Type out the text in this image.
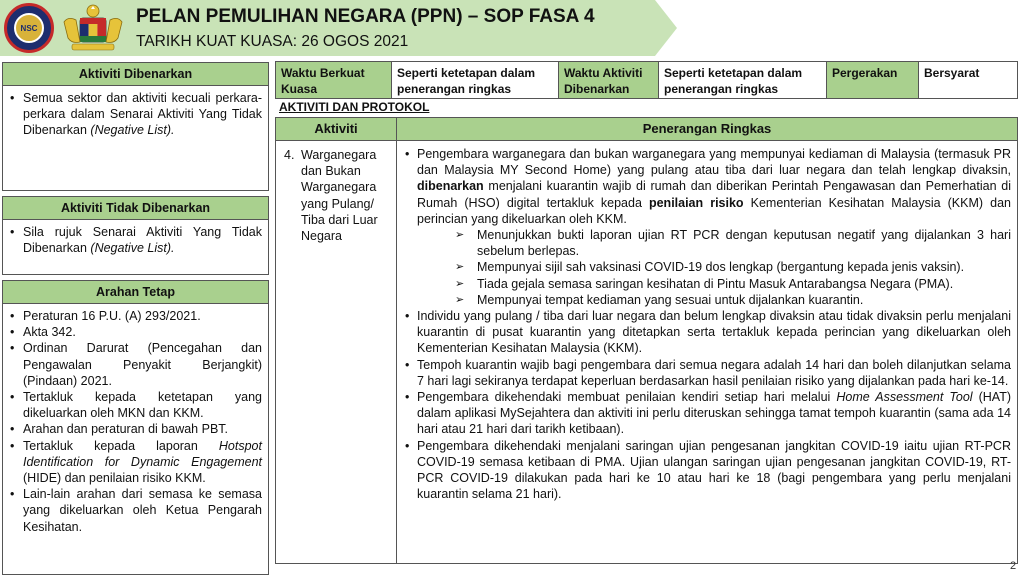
NSC
PELAN PEMULIHAN NEGARA (PPN) – SOP FASA 4
TARIKH KUAT KUASA: 26 OGOS 2021
Aktiviti Dibenarkan
• Semua sektor dan aktiviti kecuali perkara-perkara dalam Senarai Aktiviti Yang Tidak Dibenarkan (Negative List).
Aktiviti Tidak Dibenarkan
• Sila rujuk Senarai Aktiviti Yang Tidak Dibenarkan (Negative List).
Arahan Tetap
• Peraturan 16 P.U. (A) 293/2021.
• Akta 342.
• Ordinan Darurat (Pencegahan dan Pengawalan Penyakit Berjangkit) (Pindaan) 2021.
• Tertakluk kepada ketetapan yang dikeluarkan oleh MKN dan KKM.
• Arahan dan peraturan di bawah PBT.
• Tertakluk kepada laporan Hotspot Identification for Dynamic Engagement (HIDE) dan penilaian risiko KKM.
• Lain-lain arahan dari semasa ke semasa yang dikeluarkan oleh Ketua Pengarah Kesihatan.
Waktu Berkuat Kuasa
Seperti ketetapan dalam penerangan ringkas
Waktu Aktiviti Dibenarkan
Seperti ketetapan dalam penerangan ringkas
Pergerakan	Bersyarat
AKTIVITI DAN PROTOKOL
Aktiviti	Penerangan Ringkas
4. Warganegara dan Bukan Warganegara yang Pulang/ Tiba dari Luar Negara
• Pengembara warganegara dan bukan warganegara yang mempunyai kediaman di Malaysia (termasuk PR dan Malaysia MY Second Home) yang pulang atau tiba dari luar negara dan telah lengkap divaksin, dibenarkan menjalani kuarantin wajib di rumah dan diberikan Perintah Pengawasan dan Pemerhatian di Rumah (HSO) digital tertakluk kepada penilaian risiko Kementerian Kesihatan Malaysia (KKM) dan perincian yang dikeluarkan oleh KKM.
➢ Menunjukkan bukti laporan ujian RT PCR dengan keputusan negatif yang dijalankan 3 hari sebelum berlepas.
➢ Mempunyai sijil sah vaksinasi COVID-19 dos lengkap (bergantung kepada jenis vaksin).
➢ Tiada gejala semasa saringan kesihatan di Pintu Masuk Antarabangsa Negara (PMA).
➢ Mempunyai tempat kediaman yang sesuai untuk dijalankan kuarantin.
• Individu yang pulang / tiba dari luar negara dan belum lengkap divaksin atau tidak divaksin perlu menjalani kuarantin di pusat kuarantin yang ditetapkan serta tertakluk kepada perincian yang dikeluarkan oleh Kementerian Kesihatan Malaysia (KKM).
• Tempoh kuarantin wajib bagi pengembara dari semua negara adalah 14 hari dan boleh dilanjutkan selama 7 hari lagi sekiranya terdapat keperluan berdasarkan hasil penilaian risiko yang dijalankan pada hari ke-14.
• Pengembara dikehendaki membuat penilaian kendiri setiap hari melalui Home Assessment Tool (HAT) dalam aplikasi MySejahtera dan aktiviti ini perlu diteruskan sehingga tamat tempoh kuarantin (sama ada 14 hari atau 21 hari dari tarikh ketibaan).
• Pengembara dikehendaki menjalani saringan ujian pengesanan jangkitan COVID-19 iaitu ujian RT-PCR COVID-19 semasa ketibaan di PMA. Ujian ulangan saringan ujian pengesanan jangkitan COVID-19, RT-PCR COVID-19 dilakukan pada hari ke 10 atau hari ke 18 (bagi pengembara yang perlu menjalani kuarantin selama 21 hari).
2
